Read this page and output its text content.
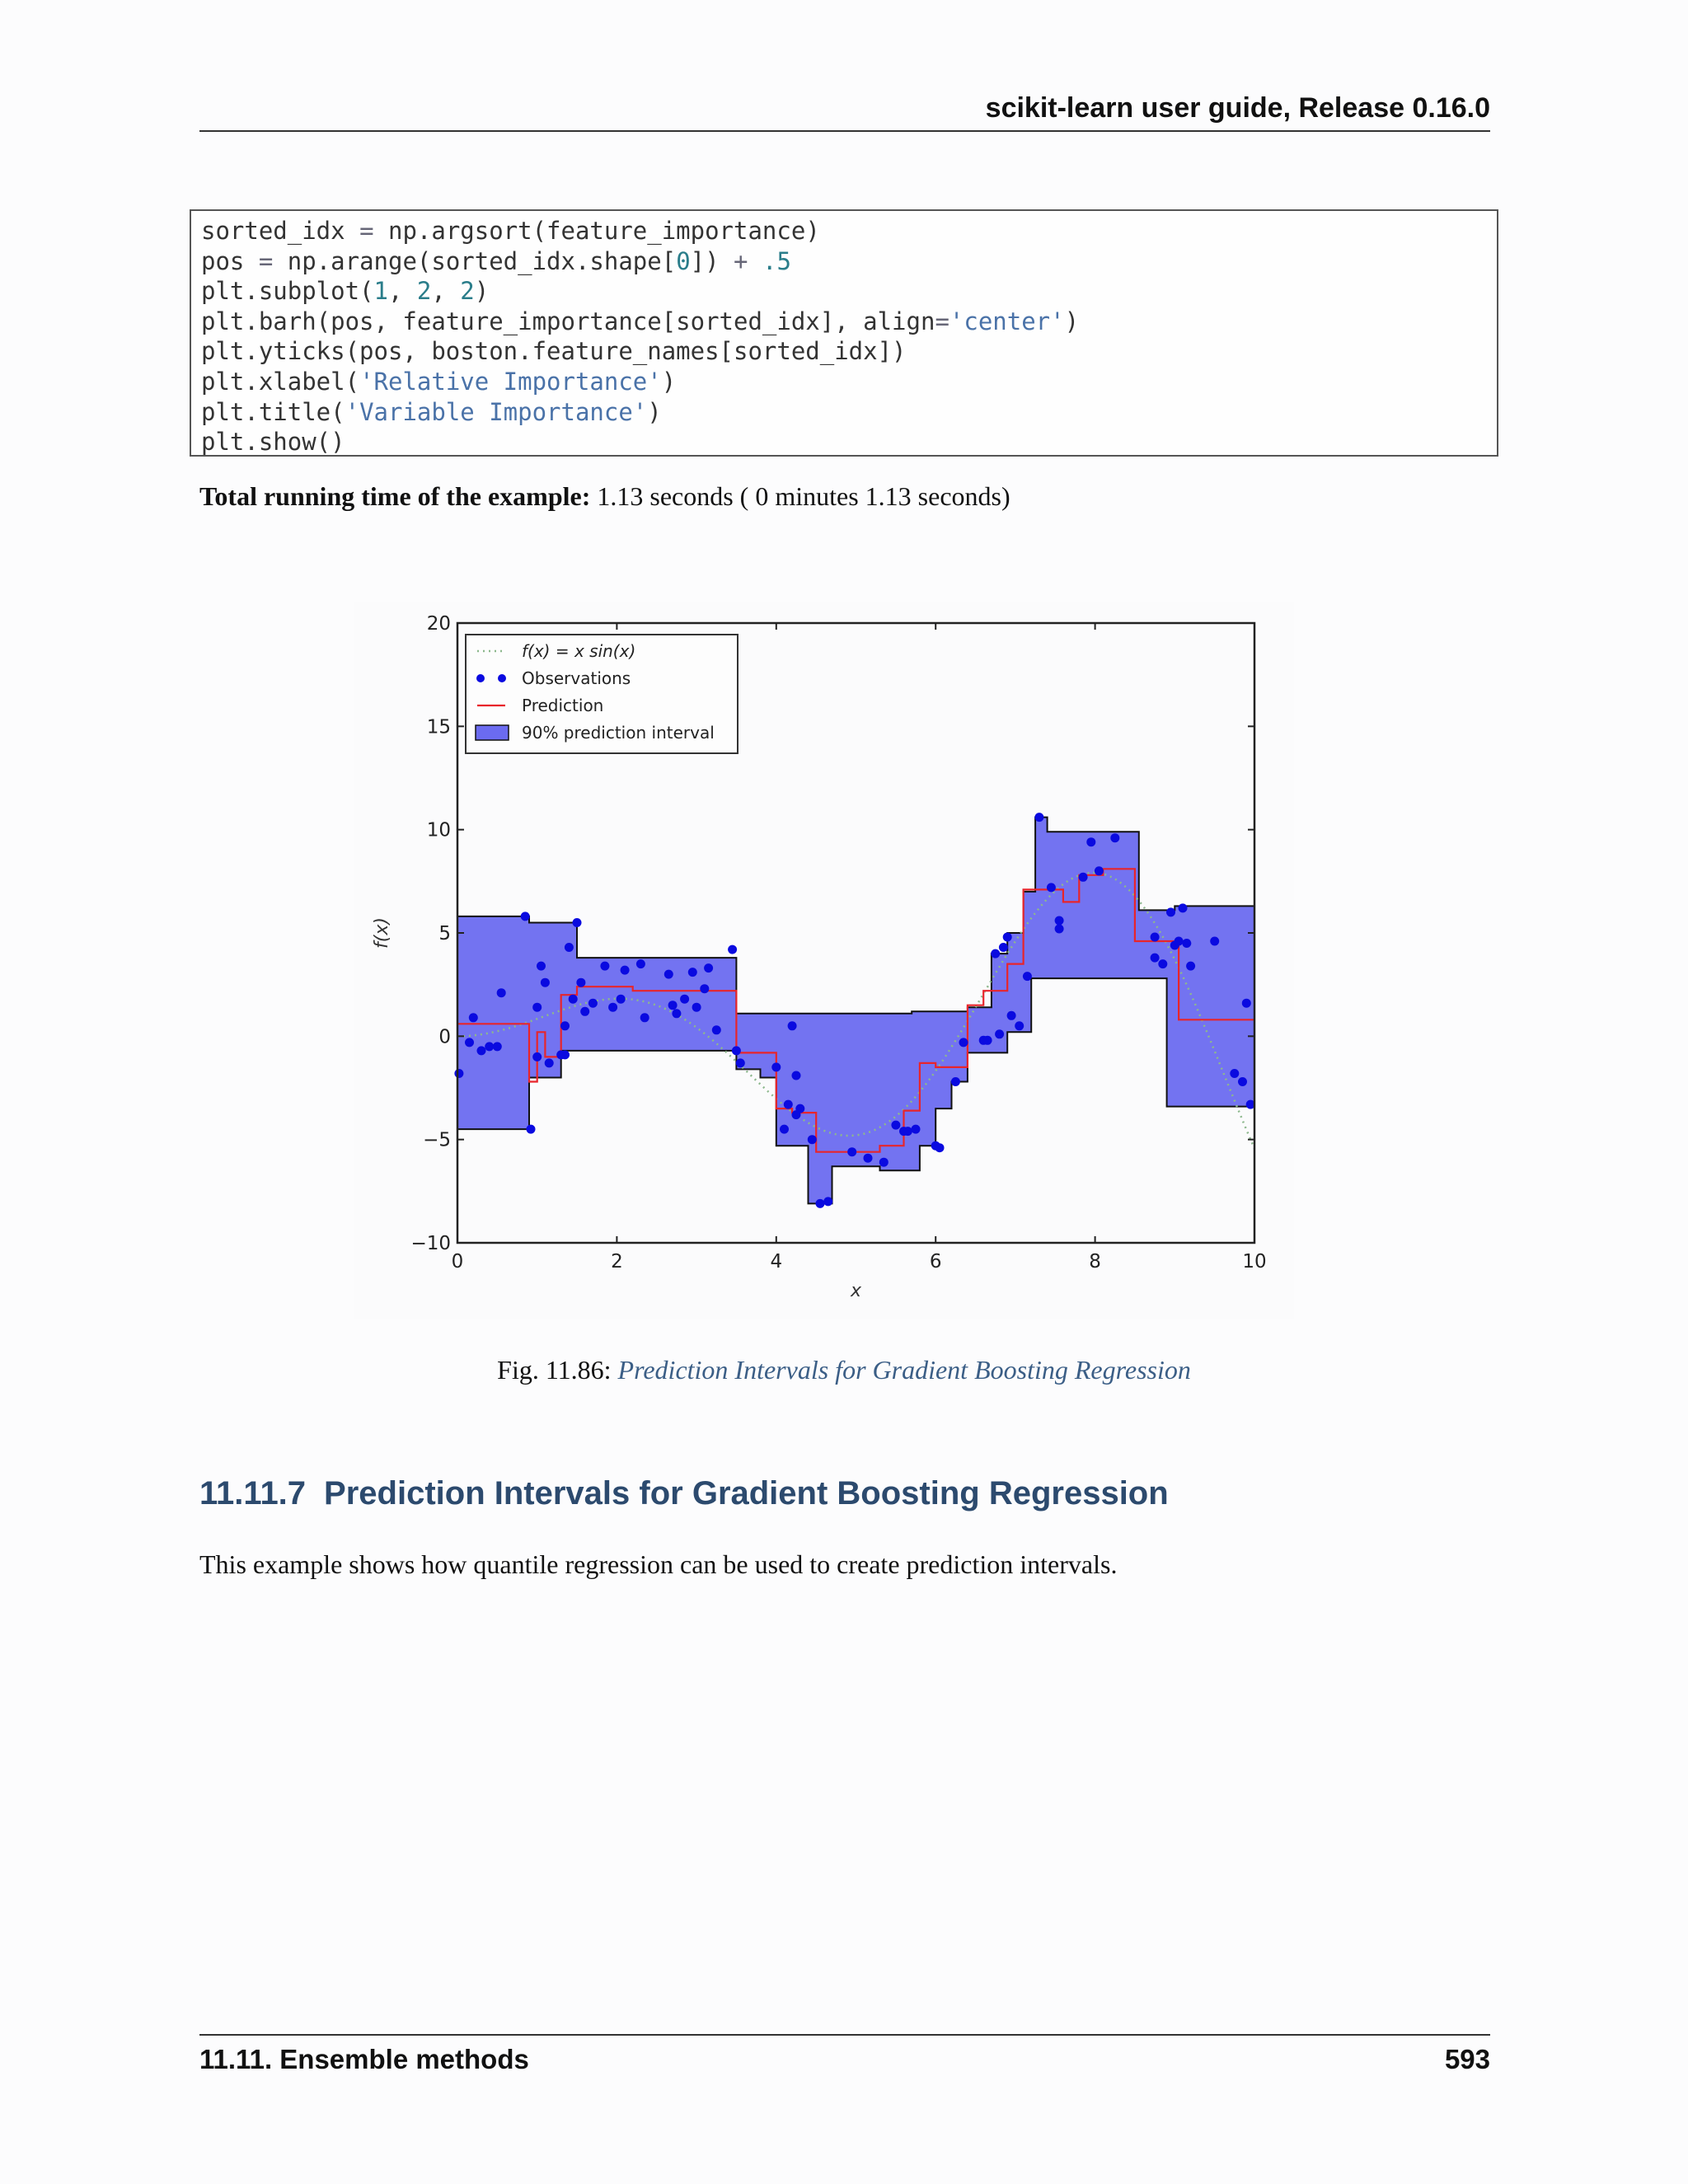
scikit-learn user guide, Release 0.16.0
sorted_idx = np.argsort(feature_importance)
pos = np.arange(sorted_idx.shape[0]) + .5
plt.subplot(1, 2, 2)
plt.barh(pos, feature_importance[sorted_idx], align='center')
plt.yticks(pos, boston.feature_names[sorted_idx])
plt.xlabel('Relative Importance')
plt.title('Variable Importance')
plt.show()
Total running time of the example: 1.13 seconds ( 0 minutes 1.13 seconds)
0	2	4	6	8	10
−10
−5
0
5
10
15
20
x
f(x)
f(x) = x sin(x)
Observations
Prediction
90% prediction interval
Fig. 11.86: Prediction Intervals for Gradient Boosting Regression
11.11.7 Prediction Intervals for Gradient Boosting Regression
This example shows how quantile regression can be used to create prediction intervals.
11.11. Ensemble methods	593
